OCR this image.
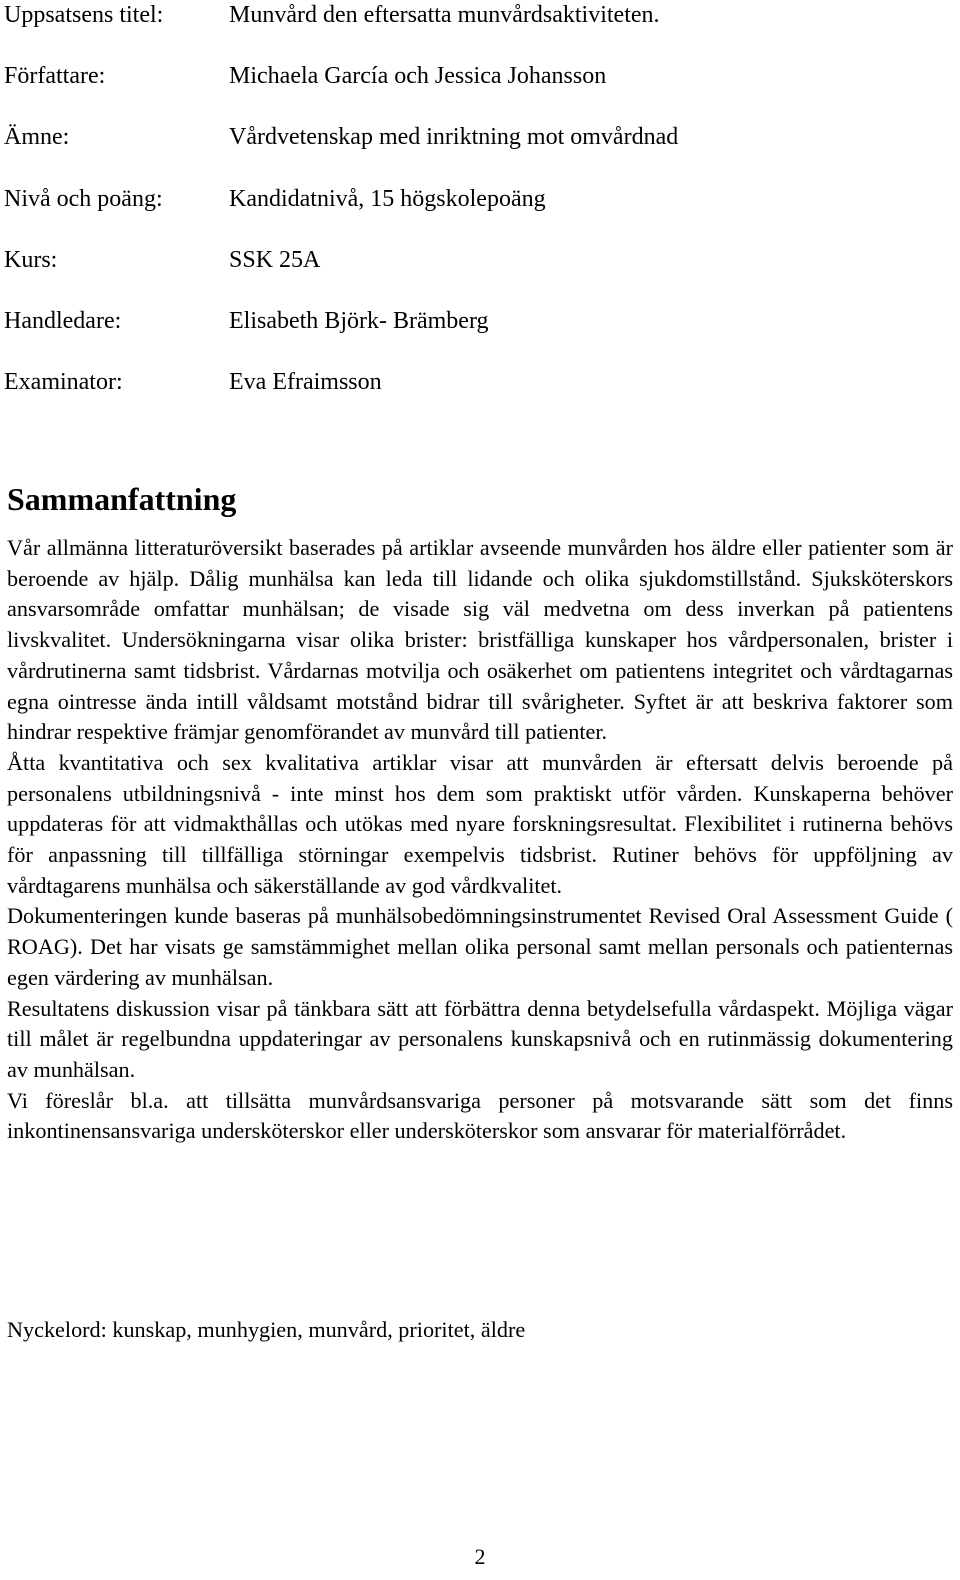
Uppsatsens titel:	Munvård den eftersatta munvårdsaktiviteten.
Författare:	Michaela García och Jessica Johansson
Ämne:	Vårdvetenskap med inriktning mot omvårdnad
Nivå och poäng:	Kandidatnivå, 15 högskolepoäng
Kurs:	SSK 25A
Handledare:	Elisabeth Björk- Brämberg
Examinator:	Eva Efraimsson
Sammanfattning

Vår allmänna litteraturöversikt baserades på artiklar avseende munvården hos äldre eller patienter som är beroende av hjälp. Dålig munhälsa kan leda till lidande och olika sjukdomstillstånd. Sjuksköterskors ansvarsområde omfattar munhälsan; de visade sig väl medvetna om dess inverkan på patientens livskvalitet. Undersökningarna visar olika brister: bristfälliga kunskaper hos vårdpersonalen, brister i vårdrutinerna samt tidsbrist. Vårdarnas motvilja och osäkerhet om patientens integritet och vårdtagarnas egna ointresse ända intill våldsamt motstånd bidrar till svårigheter. Syftet är att beskriva faktorer som hindrar respektive främjar genomförandet av munvård till patienter.

Åtta kvantitativa och sex kvalitativa artiklar visar att munvården är eftersatt delvis beroende på personalens utbildningsnivå - inte minst hos dem som praktiskt utför vården. Kunskaperna behöver uppdateras för att vidmakthållas och utökas med nyare forskningsresultat. Flexibilitet i rutinerna behövs för anpassning till tillfälliga störningar exempelvis tidsbrist. Rutiner behövs för uppföljning av vårdtagarens munhälsa och säkerställande av god vårdkvalitet.

Dokumenteringen kunde baseras på munhälsobedömningsinstrumentet Revised Oral Assessment Guide ( ROAG). Det har visats ge samstämmighet mellan olika personal samt mellan personals och patienternas egen värdering av munhälsan.

Resultatens diskussion visar på tänkbara sätt att förbättra denna betydelsefulla vårdaspekt. Möjliga vägar till målet är regelbundna uppdateringar av personalens kunskapsnivå och en rutinmässig dokumentering av munhälsan.

Vi föreslår bl.a. att tillsätta munvårdsansvariga personer på motsvarande sätt som det finns inkontinensansvariga undersköterskor eller undersköterskor som ansvarar för materialförrådet.

Nyckelord: kunskap, munhygien, munvård, prioritet, äldre
2
